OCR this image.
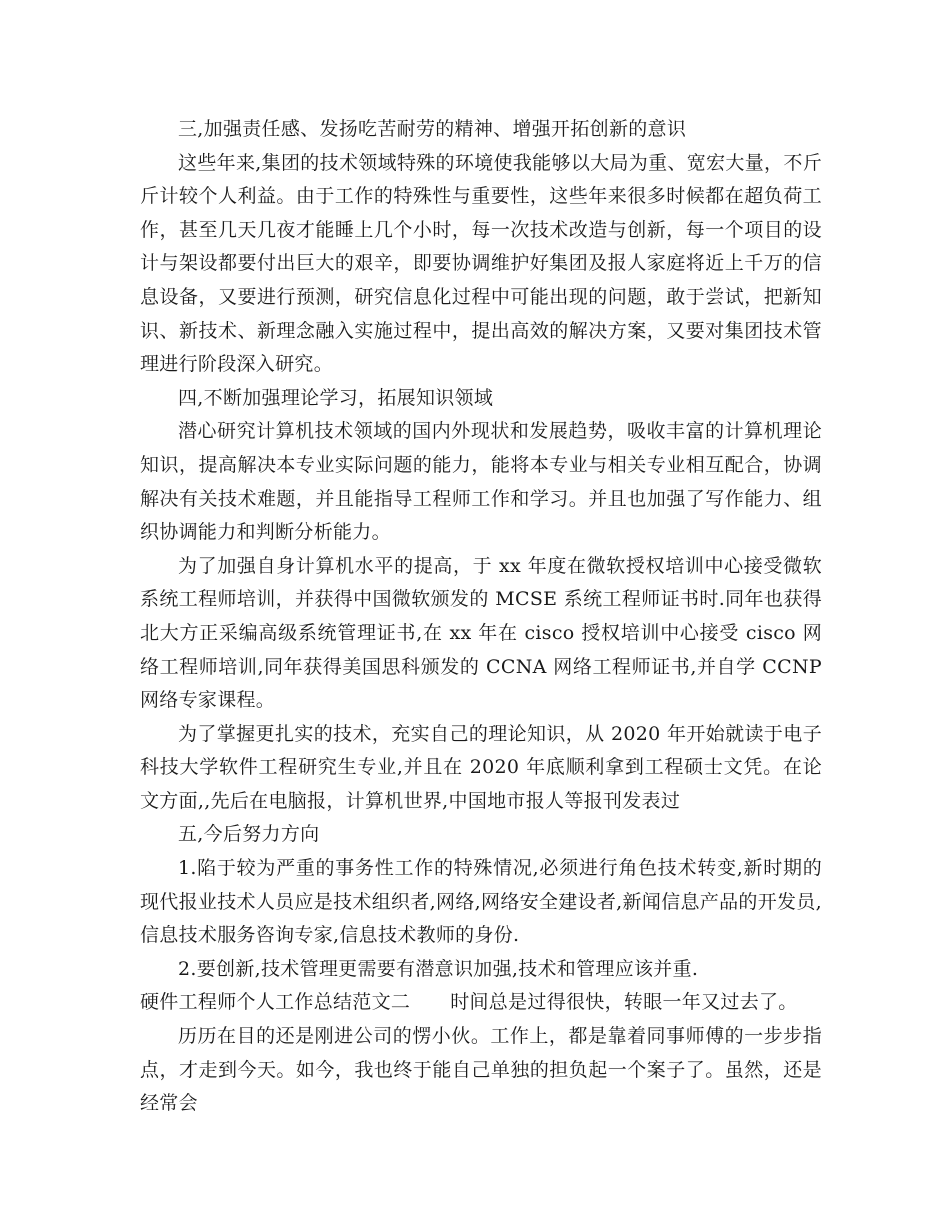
三,加强责任感、发扬吃苦耐劳的精神、增强开拓创新的意识

这些年来,集团的技术领域特殊的环境使我能够以大局为重、宽宏大量，不斤斤计较个人利益。由于工作的特殊性与重要性，这些年来很多时候都在超负荷工作，甚至几天几夜才能睡上几个小时，每一次技术改造与创新，每一个项目的设计与架设都要付出巨大的艰辛，即要协调维护好集团及报人家庭将近上千万的信息设备，又要进行预测，研究信息化过程中可能出现的问题，敢于尝试，把新知识、新技术、新理念融入实施过程中，提出高效的解决方案，又要对集团技术管理进行阶段深入研究。

四,不断加强理论学习，拓展知识领域

潜心研究计算机技术领域的国内外现状和发展趋势，吸收丰富的计算机理论知识，提高解决本专业实际问题的能力，能将本专业与相关专业相互配合，协调解决有关技术难题，并且能指导工程师工作和学习。并且也加强了写作能力、组织协调能力和判断分析能力。

为了加强自身计算机水平的提高，于 xx 年度在微软授权培训中心接受微软系统工程师培训，并获得中国微软颁发的 MCSE 系统工程师证书时.同年也获得北大方正采编高级系统管理证书,在 xx 年在 cisco 授权培训中心接受 cisco 网络工程师培训,同年获得美国思科颁发的 CCNA 网络工程师证书,并自学 CCNP 网络专家课程。

为了掌握更扎实的技术，充实自己的理论知识，从 2020 年开始就读于电子科技大学软件工程研究生专业,并且在 2020 年底顺利拿到工程硕士文凭。在论文方面,,先后在电脑报，计算机世界,中国地市报人等报刊发表过

五,今后努力方向

1.陷于较为严重的事务性工作的特殊情况,必须进行角色技术转变,新时期的现代报业技术人员应是技术组织者,网络,网络安全建设者,新闻信息产品的开发员,信息技术服务咨询专家,信息技术教师的身份.

2.要创新,技术管理更需要有潜意识加强,技术和管理应该并重.

硬件工程师个人工作总结范文二 时间总是过得很快，转眼一年又过去了。

历历在目的还是刚进公司的愣小伙。工作上，都是靠着同事师傅的一步步指点，才走到今天。如今，我也终于能自己单独的担负起一个案子了。虽然，还是经常会
